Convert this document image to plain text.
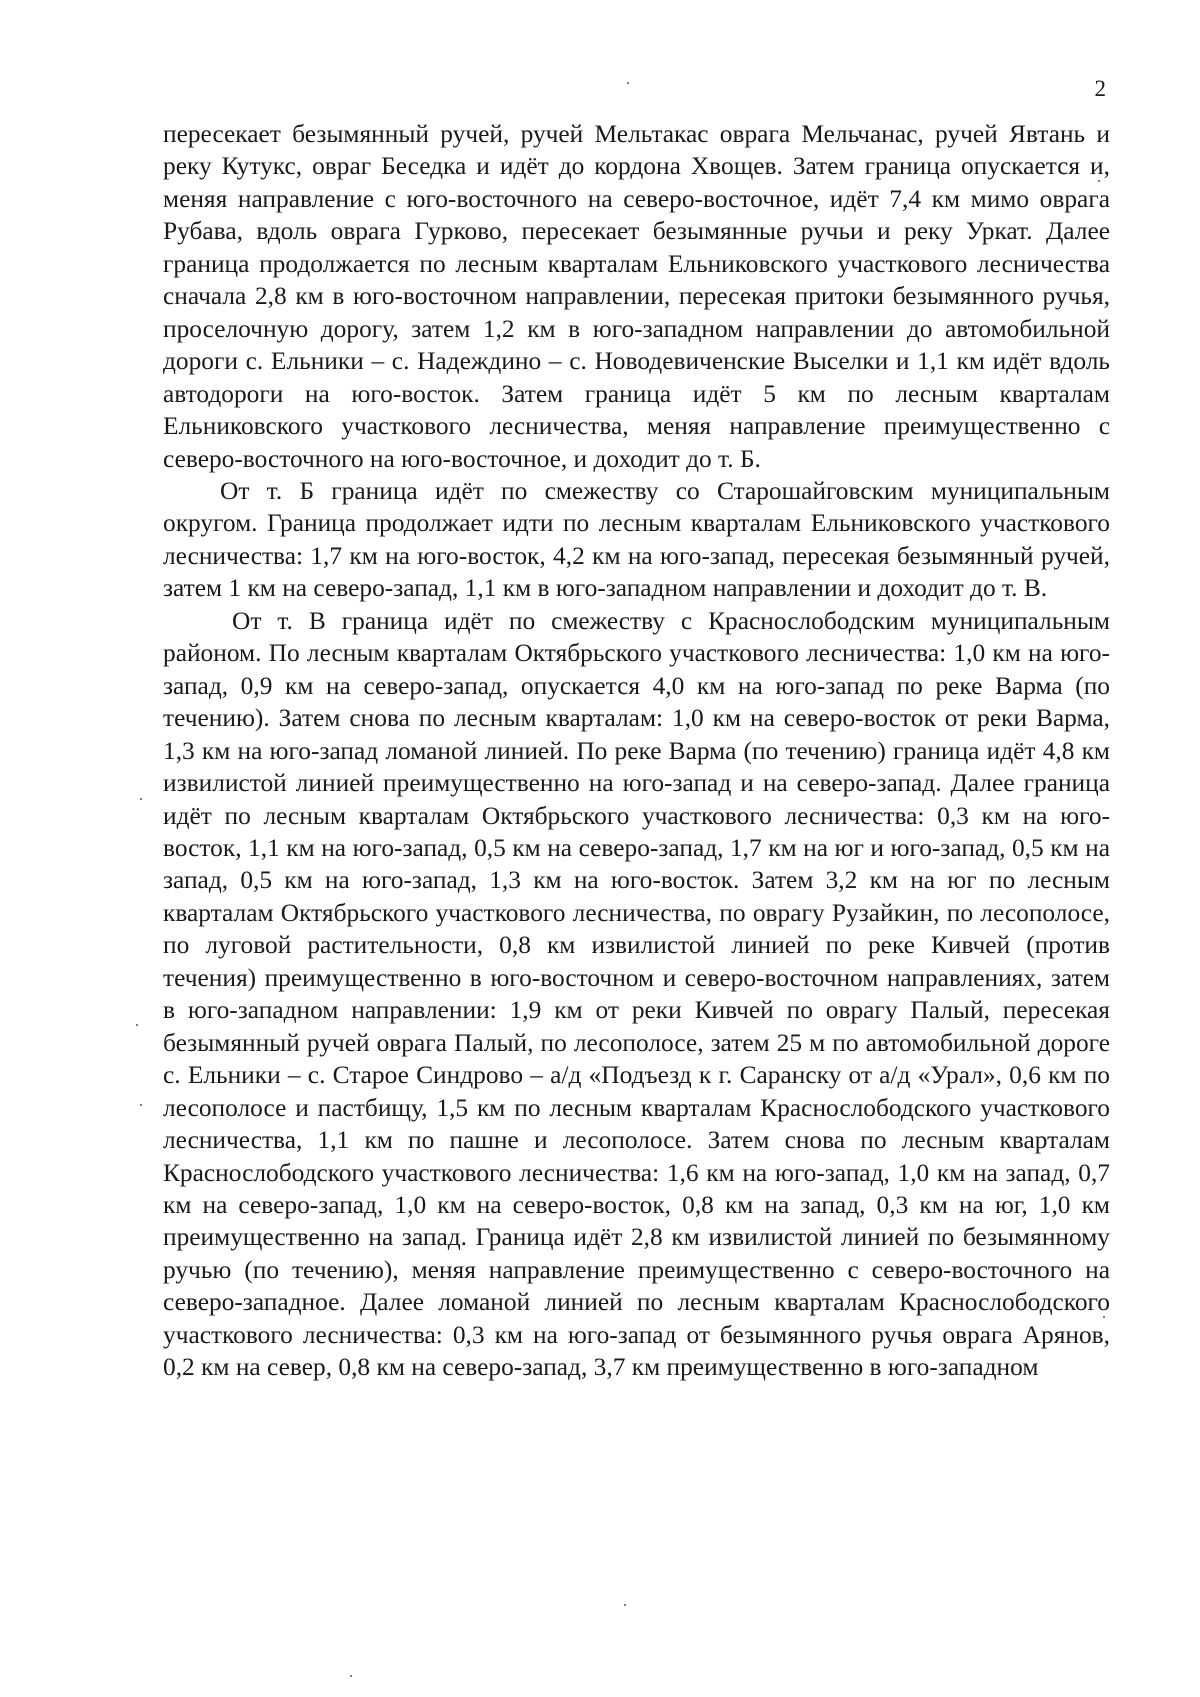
2

пересекает безымянный ручей, ручей Мельтакас оврага Мельчанас, ручей Явтань и реку Кутукс, овраг Беседка и идёт до кордона Хвощев. Затем граница опускается и, меняя направление с юго-восточного на северо-восточное, идёт 7,4 км мимо оврага Рубава, вдоль оврага Гурково, пересекает безымянные ручьи и реку Уркат. Далее граница продолжается по лесным кварталам Ельниковского участкового лесничества сначала 2,8 км в юго-восточном направлении, пересекая притоки безымянного ручья, проселочную дорогу, затем 1,2 км в юго-западном направлении до автомобильной дороги с. Ельники – с. Надеждино – с. Новодевиченские Выселки и 1,1 км идёт вдоль автодороги на юго-восток. Затем граница идёт 5 км по лесным кварталам Ельниковского участкового лесничества, меняя направление преимущественно с северо-восточного на юго-восточное, и доходит до т. Б.

От т. Б граница идёт по смежеству со Старошайговским муниципальным округом. Граница продолжает идти по лесным кварталам Ельниковского участкового лесничества: 1,7 км на юго-восток, 4,2 км на юго-запад, пересекая безымянный ручей, затем 1 км на северо-запад, 1,1 км в юго-западном направлении и доходит до т. В.

От т. В граница идёт по смежеству с Краснослободским муниципальным районом. По лесным кварталам Октябрьского участкового лесничества: 1,0 км на юго-запад, 0,9 км на северо-запад, опускается 4,0 км на юго-запад по реке Варма (по течению). Затем снова по лесным кварталам: 1,0 км на северо-восток от реки Варма, 1,3 км на юго-запад ломаной линией. По реке Варма (по течению) граница идёт 4,8 км извилистой линией преимущественно на юго-запад и на северо-запад. Далее граница идёт по лесным кварталам Октябрьского участкового лесничества: 0,3 км на юго-восток, 1,1 км на юго-запад, 0,5 км на северо-запад, 1,7 км на юг и юго-запад, 0,5 км на запад, 0,5 км на юго-запад, 1,3 км на юго-восток. Затем 3,2 км на юг по лесным кварталам Октябрьского участкового лесничества, по оврагу Рузайкин, по лесополосе, по луговой растительности, 0,8 км извилистой линией по реке Кивчей (против течения) преимущественно в юго-восточном и северо-восточном направлениях, затем в юго-западном направлении: 1,9 км от реки Кивчей по оврагу Палый, пересекая безымянный ручей оврага Палый, по лесополосе, затем 25 м по автомобильной дороге с. Ельники – с. Старое Синдрово – а/д «Подъезд к г. Саранску от а/д «Урал», 0,6 км по лесополосе и пастбищу, 1,5 км по лесным кварталам Краснослободского участкового лесничества, 1,1 км по пашне и лесополосе. Затем снова по лесным кварталам Краснослободского участкового лесничества: 1,6 км на юго-запад, 1,0 км на запад, 0,7 км на северо-запад, 1,0 км на северо-восток, 0,8 км на запад, 0,3 км на юг, 1,0 км преимущественно на запад. Граница идёт 2,8 км извилистой линией по безымянному ручью (по течению), меняя направление преимущественно с северо-восточного на северо-западное. Далее ломаной линией по лесным кварталам Краснослободского участкового лесничества: 0,3 км на юго-запад от безымянного ручья оврага Арянов, 0,2 км на север, 0,8 км на северо-запад, 3,7 км преимущественно в юго-западном
